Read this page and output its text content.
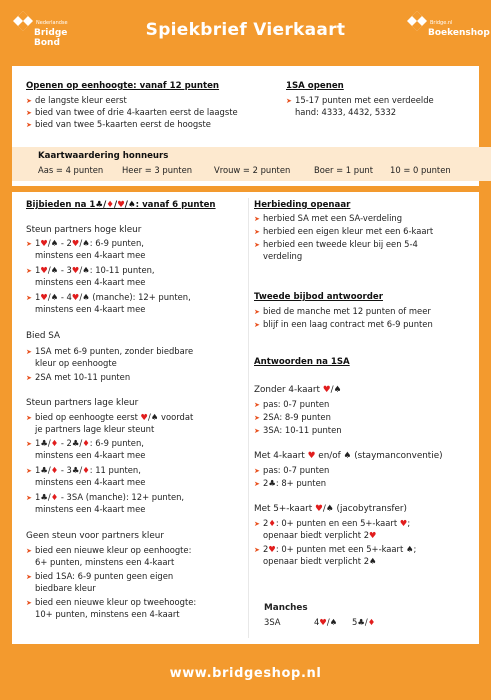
Nederlandse
Bridge Bond
Spiekbrief Vierkaart	Bridge.nl
Boekenshop
Openen op eenhoogte: vanaf 12 punten
➤ de langste kleur eerst
➤ bied van twee of drie 4-kaarten eerst de laagste
➤ bied van twee 5-kaarten eerst de hoogste
1SA openen
➤ 15-17 punten met een verdeelde
hand: 4333, 4432, 5332
Kaartwaardering honneurs
Aas = 4 punten Heer = 3 punten	Vrouw = 2 punten	Boer = 1 punt 10 = 0 punten
Bijbieden na 1♣/♦/♥/♠: vanaf 6 punten
Steun partners hoge kleur
➤ 1♥/♠ - 2♥/♠: 6-9 punten,
minstens een 4-kaart mee
➤ 1♥/♠ - 3♥/♠: 10-11 punten,
minstens een 4-kaart mee
➤ 1♥/♠ - 4♥/♠ (manche): 12+ punten,
minstens een 4-kaart mee
Bied SA
➤ 1SA met 6-9 punten, zonder biedbare
kleur op eenhoogte
➤ 2SA met 10-11 punten
Steun partners lage kleur
➤ bied op eenhoogte eerst ♥/♠ voordat
je partners lage kleur steunt
➤ 1♣/♦ - 2♣/♦: 6-9 punten,
minstens een 4-kaart mee
➤ 1♣/♦ - 3♣/♦: 11 punten,
minstens een 4-kaart mee
➤ 1♣/♦ - 3SA (manche): 12+ punten,
minstens een 4-kaart mee
Geen steun voor partners kleur
➤ bied een nieuwe kleur op eenhoogte:
6+ punten, minstens een 4-kaart
➤ bied 1SA: 6-9 punten geen eigen
biedbare kleur
➤ bied een nieuwe kleur op tweehoogte:
10+ punten, minstens een 4-kaart
Herbieding openaar
➤ herbied SA met een SA-verdeling
➤ herbied een eigen kleur met een 6-kaart
➤ herbied een tweede kleur bij een 5-4
verdeling
Tweede bijbod antwoorder
➤ bied de manche met 12 punten of meer
➤ blijf in een laag contract met 6-9 punten
Antwoorden na 1SA
Zonder 4-kaart ♥/♠
➤ pas: 0-7 punten
➤ 2SA: 8-9 punten
➤ 3SA: 10-11 punten
Met 4-kaart ♥ en/of ♠ (staymanconventie)
➤ pas: 0-7 punten
➤ 2♣: 8+ punten
Met 5+-kaart ♥/♠ (jacobytransfer)
➤ 2♦: 0+ punten en een 5+-kaart ♥;
openaar biedt verplicht 2♥
➤ 2♥: 0+ punten met een 5+-kaart ♠;
openaar biedt verplicht 2♠
Manches
3SA	4♥/♠ 5♣/♦
www.bridgeshop.nl
